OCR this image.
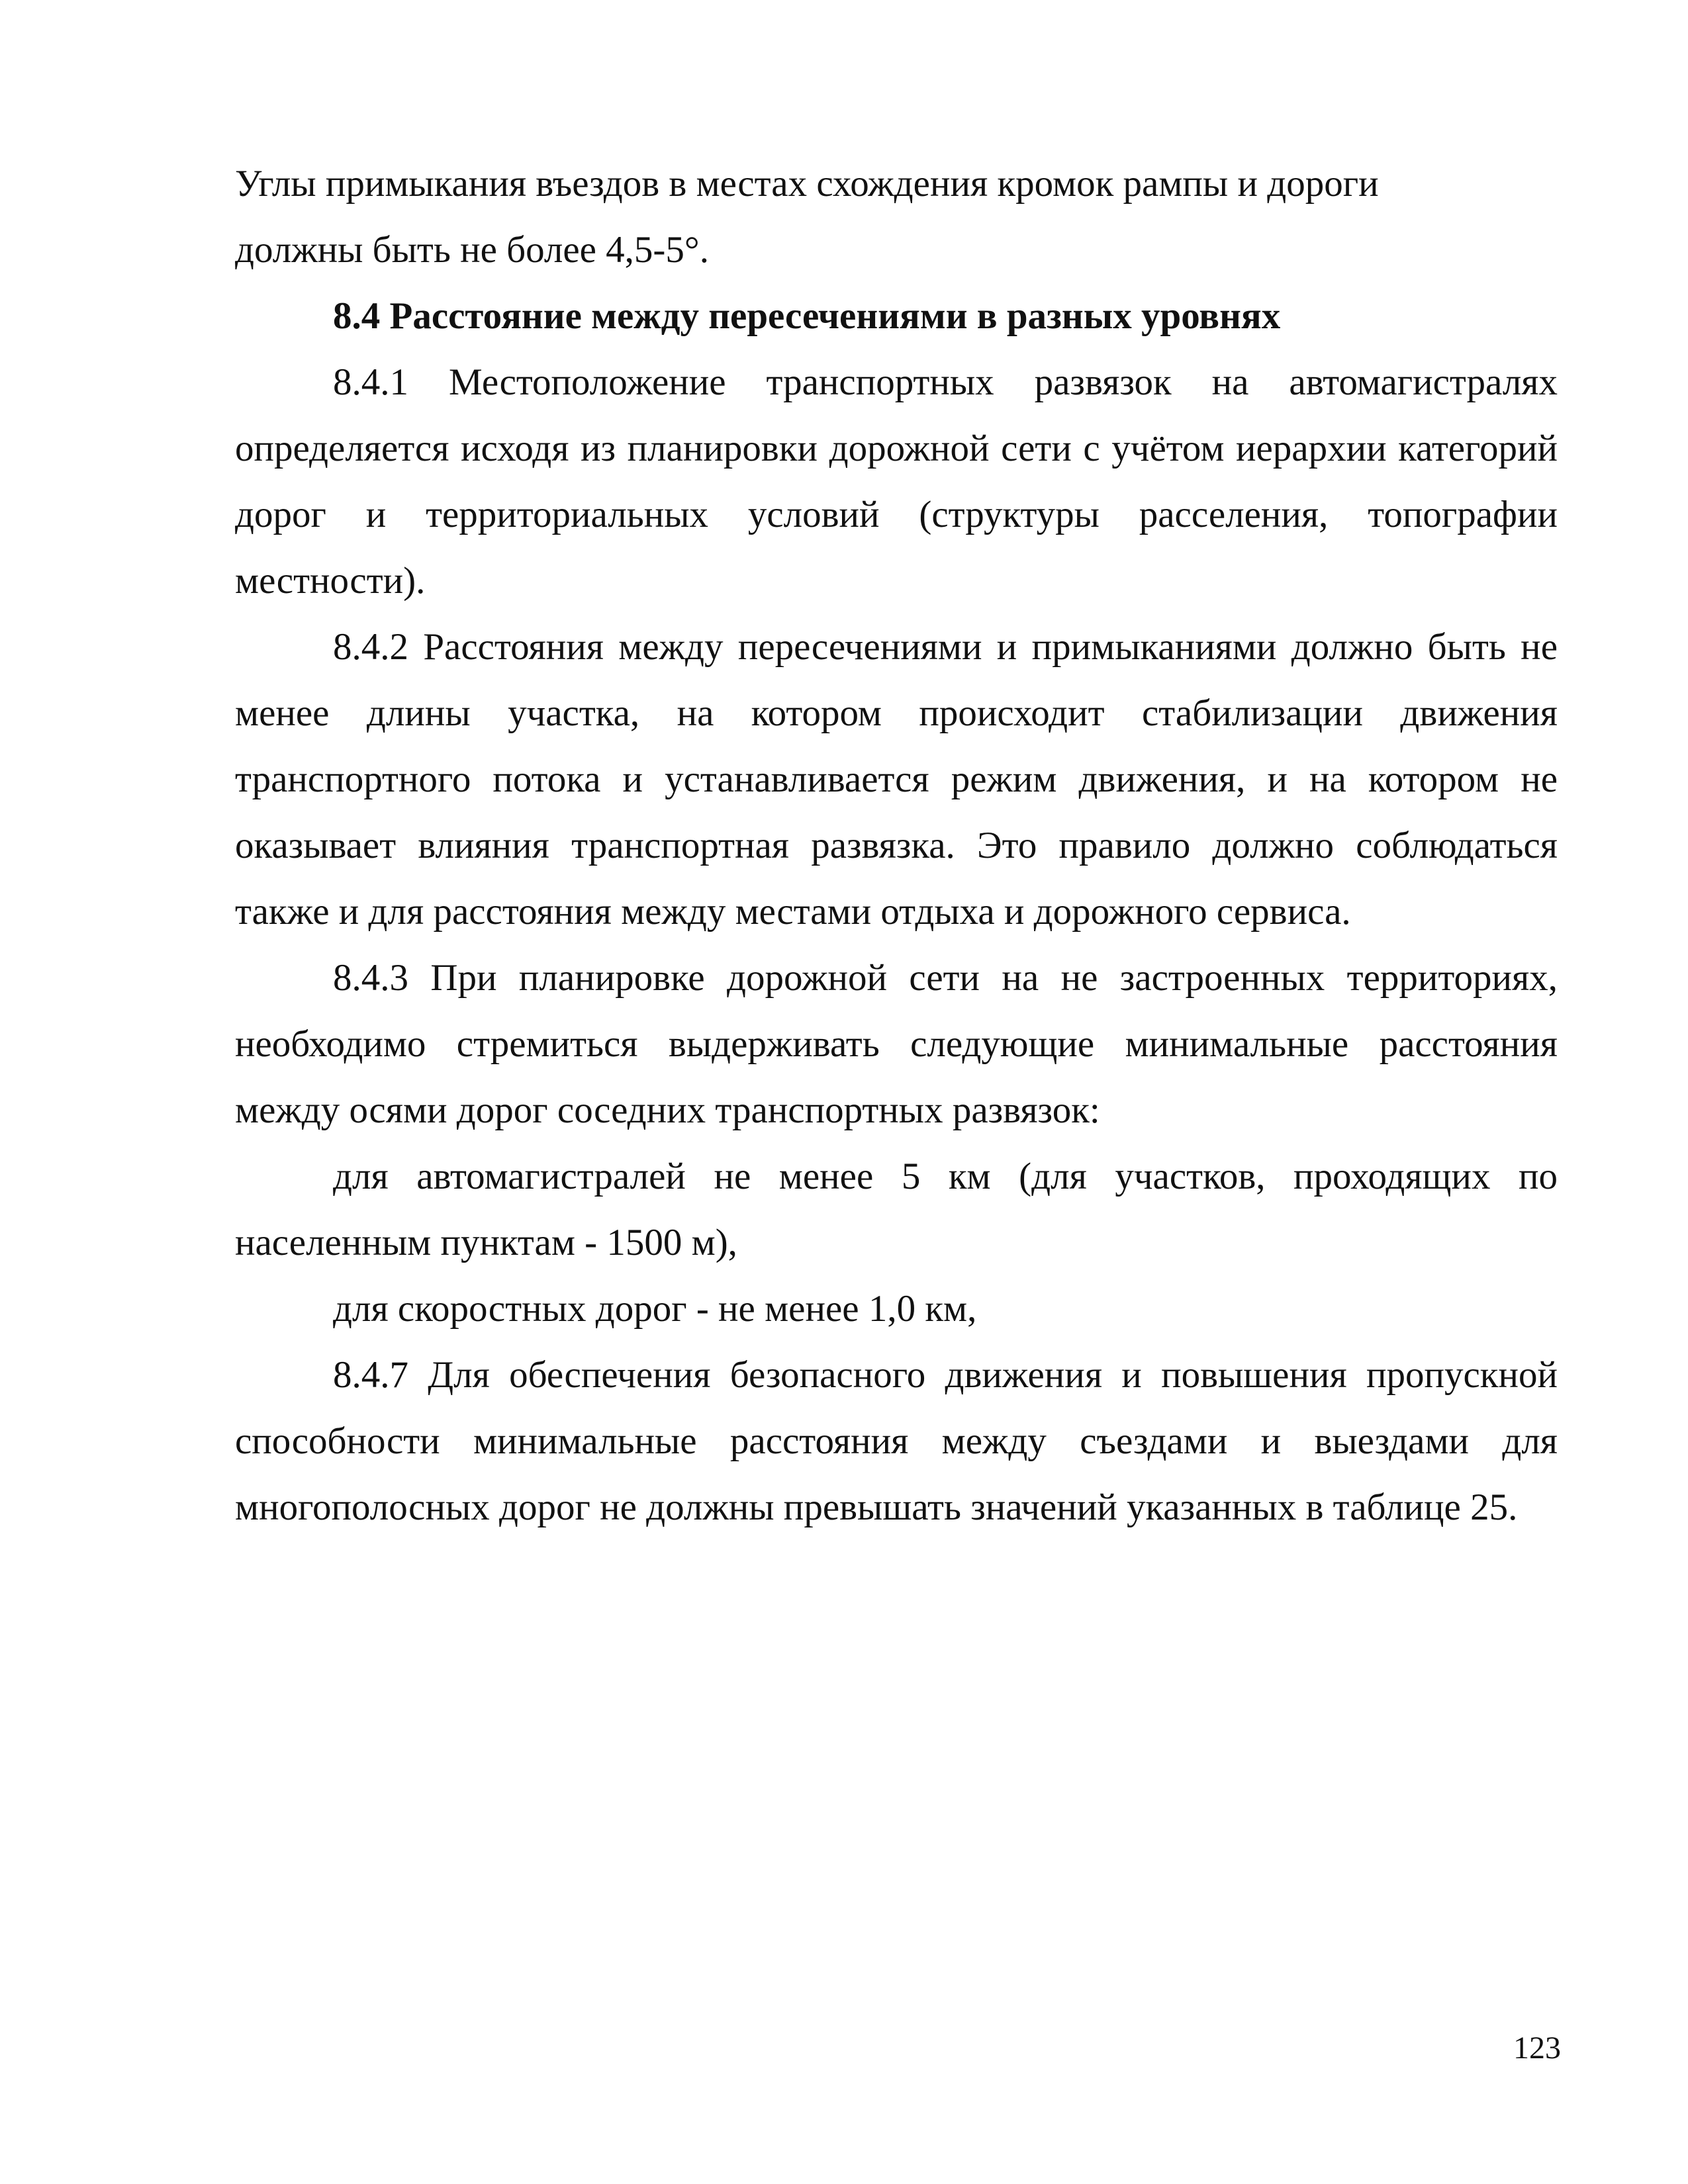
Углы примыкания въездов в местах схождения кромок рампы и дороги
должны быть не более 4,5-5°.

8.4 Расстояние между пересечениями в разных уровнях

8.4.1 Местоположение транспортных развязок на автомагистралях определяется исходя из планировки дорожной сети с учётом иерархии категорий дорог и территориальных условий (структуры расселения, топографии местности).

8.4.2 Расстояния между пересечениями и примыканиями должно быть не менее длины участка, на котором происходит стабилизации движения транспортного потока и устанавливается режим движения, и на котором не оказывает влияния транспортная развязка. Это правило должно соблюдаться также и для расстояния между местами отдыха и дорожного сервиса.

8.4.3 При планировке дорожной сети на не застроенных территориях, необходимо стремиться выдерживать следующие минимальные расстояния между осями дорог соседних транспортных развязок:

для автомагистралей не менее 5 км (для участков, проходящих по населенным пунктам - 1500 м),

для скоростных дорог - не менее 1,0 км,

8.4.7 Для обеспечения безопасного движения и повышения пропускной способности минимальные расстояния между съездами и выездами для многополосных дорог не должны превышать значений указанных в таблице 25.

123
